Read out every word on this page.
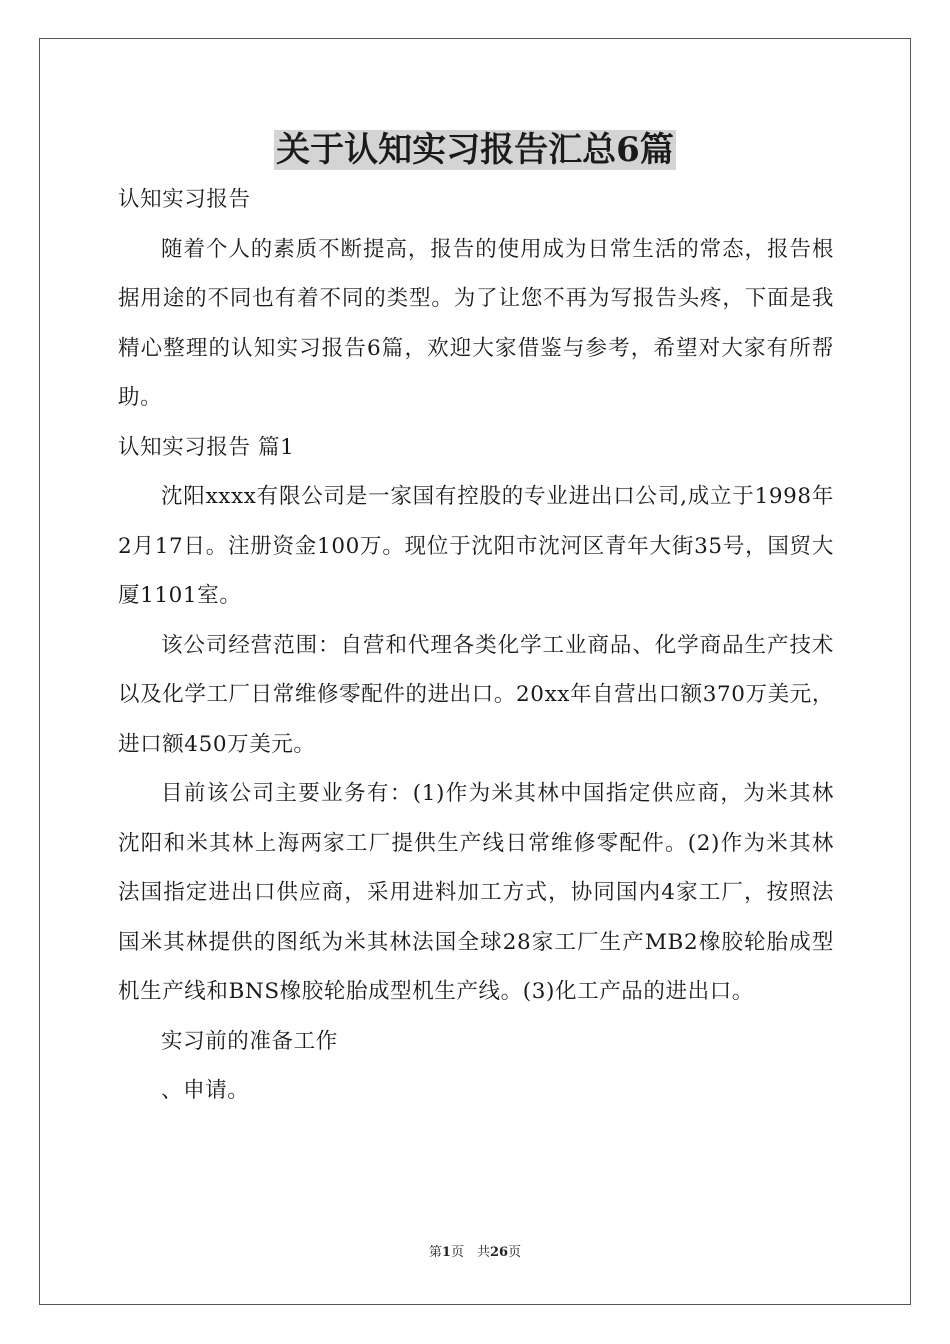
关于认知实习报告汇总6篇

认知实习报告

随着个人的素质不断提高，报告的使用成为日常生活的常态，报告根据用途的不同也有着不同的类型。为了让您不再为写报告头疼，下面是我精心整理的认知实习报告6篇，欢迎大家借鉴与参考，希望对大家有所帮助。

认知实习报告 篇1

沈阳xxxx有限公司是一家国有控股的专业进出口公司,成立于1998年2月17日。注册资金100万。现位于沈阳市沈河区青年大街35号，国贸大厦1101室。

该公司经营范围：自营和代理各类化学工业商品、化学商品生产技术以及化学工厂日常维修零配件的进出口。20xx年自营出口额370万美元，进口额450万美元。

目前该公司主要业务有：(1)作为米其林中国指定供应商，为米其林沈阳和米其林上海两家工厂提供生产线日常维修零配件。(2)作为米其林法国指定进出口供应商，采用进料加工方式，协同国内4家工厂，按照法国米其林提供的图纸为米其林法国全球28家工厂生产MB2橡胶轮胎成型机生产线和BNS橡胶轮胎成型机生产线。(3)化工产品的进出口。

实习前的准备工作

、申请。

第1页　共26页
